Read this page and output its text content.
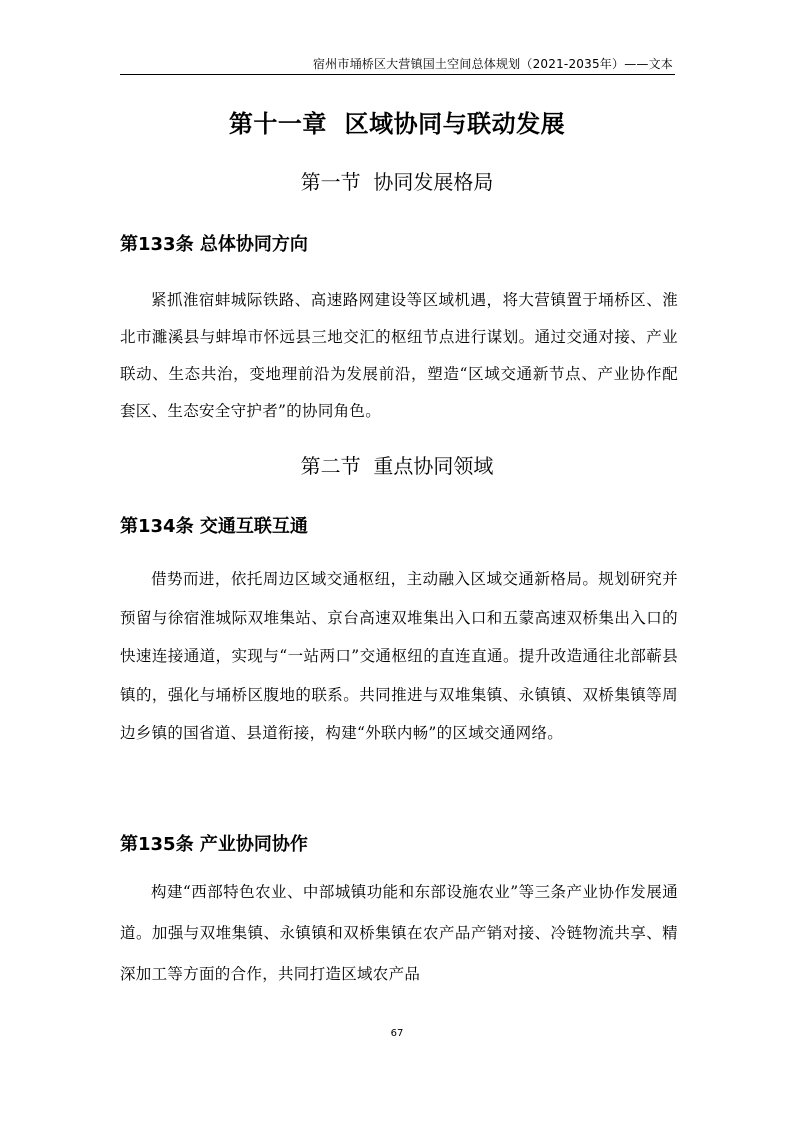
宿州市埇桥区大营镇国土空间总体规划（2021-2035年）——文本
第十一章  区域协同与联动发展
第一节  协同发展格局
第133条 总体协同方向

紧抓淮宿蚌城际铁路、高速路网建设等区域机遇，将大营镇置于埇桥区、淮北市濉溪县与蚌埠市怀远县三地交汇的枢纽节点进行谋划。通过交通对接、产业联动、生态共治，变地理前沿为发展前沿，塑造“区域交通新节点、产业协作配套区、生态安全守护者”的协同角色。

第二节  重点协同领域
第134条 交通互联互通

借势而进，依托周边区域交通枢纽，主动融入区域交通新格局。规划研究并预留与徐宿淮城际双堆集站、京台高速双堆集出入口和五蒙高速双桥集出入口的快速连接通道，实现与“一站两口”交通枢纽的直连直通。提升改造通往北部蕲县镇的，强化与埇桥区腹地的联系。共同推进与双堆集镇、永镇镇、双桥集镇等周边乡镇的国省道、县道衔接，构建“外联内畅”的区域交通网络。

第135条 产业协同协作

构建“西部特色农业、中部城镇功能和东部设施农业”等三条产业协作发展通道。加强与双堆集镇、永镇镇和双桥集镇在农产品产销对接、冷链物流共享、精深加工等方面的合作，共同打造区域农产品

67
